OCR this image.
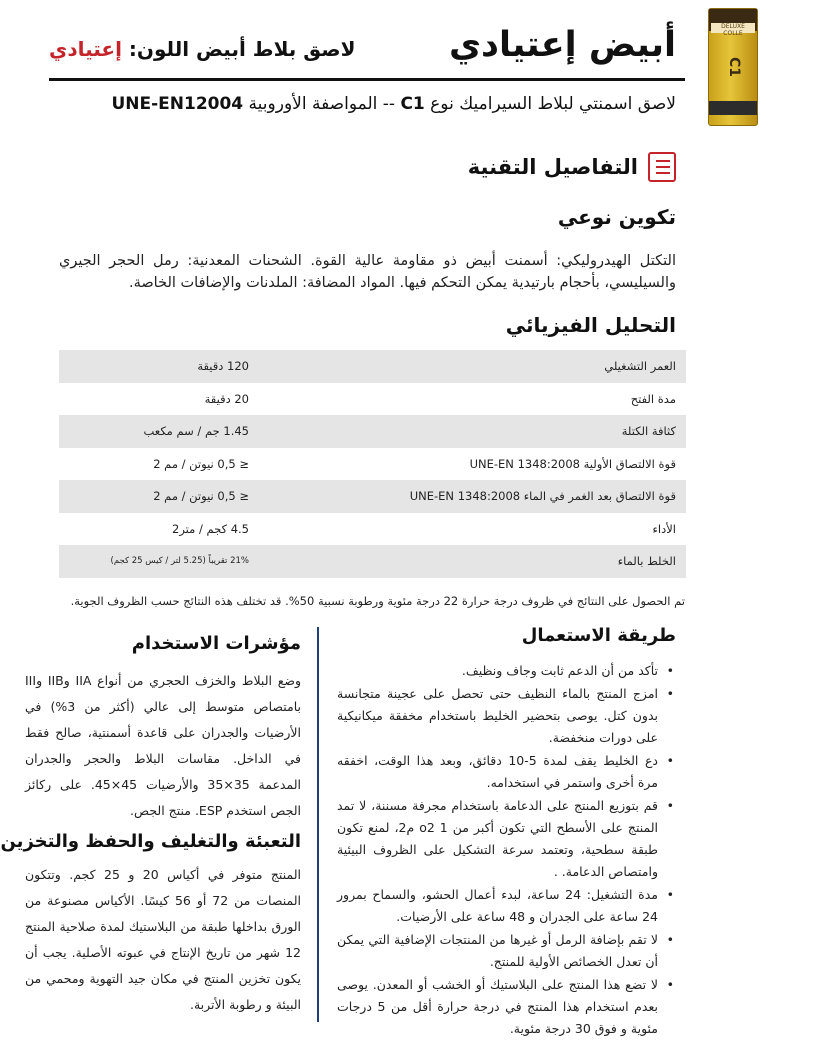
DELUXE COLLE
C1
أبيض إعتيادي
لاصق بلاط أبيض اللون: إعتيادي
لاصق اسمنتي لبلاط السيراميك نوع C1 -- المواصفة الأوروبية UNE-EN12004
التفاصيل التقنية
تكوين نوعي
التكتل الهيدروليكي: أسمنت أبيض ذو مقاومة عالية القوة. الشحنات المعدنية: رمل الحجر الجيري والسيليسي، بأحجام بارتيدية يمكن التحكم فيها. المواد المضافة: الملدنات والإضافات الخاصة.
التحليل الفيزيائي
العمر التشغيلي
120 دقيقة
مدة الفتح
20 دقيقة
كثافة الكتلة
1.45 جم / سم مكعب
قوة الالتصاق الأولية UNE-EN 1348:2008
≤ 0,5 نيوتن / مم 2
قوة الالتصاق بعد الغمر في الماء UNE-EN 1348:2008
≤ 0,5 نيوتن / مم 2
الأداء
4.5 كجم / متر2
الخلط بالماء
21% تقريباً (5.25 لتر / كيس 25 كجم)
تم الحصول على النتائج في ظروف درجة حرارة 22 درجة مئوية ورطوبة نسبية 50%. قد تختلف هذه النتائج حسب الظروف الجوية.
طريقة الاستعمال
• تأكد من أن الدعم ثابت وجاف ونظيف.
• امزج المنتج بالماء النظيف حتى تحصل على عجينة متجانسة بدون كتل. يوصى بتحضير الخليط باستخدام مخفقة ميكانيكية على دورات منخفضة.
• دع الخليط يقف لمدة 5-10 دقائق، وبعد هذا الوقت، اخفقه مرة أخرى واستمر في استخدامه.
• قم بتوزيع المنتج على الدعامة باستخدام مجرفة مسننة، لا تمد المنتج على الأسطح التي تكون أكبر من 1 o2 م2، لمنع تكون طبقة سطحية، وتعتمد سرعة التشكيل على الظروف البيئية وامتصاص الدعامة. .
• مدة التشغيل: 24 ساعة، لبدء أعمال الحشو، والسماح بمرور 24 ساعة على الجدران و 48 ساعة على الأرضيات.
• لا تقم بإضافة الرمل أو غيرها من المنتجات الإضافية التي يمكن أن تعدل الخصائص الأولية للمنتج.
• لا تضع هذا المنتج على البلاستيك أو الخشب أو المعدن. يوصى بعدم استخدام هذا المنتج في درجة حرارة أقل من 5 درجات مئوية و فوق 30 درجة مئوية.
مؤشرات الاستخدام
وضع البلاط والخزف الحجري من أنواع IIA وIIB وIII بامتصاص متوسط إلى عالي (أكثر من 3%) في الأرضيات والجدران على قاعدة أسمنتية، صالح فقط في الداخل. مقاسات البلاط والحجر والجدران المدعمة 35×35 والأرضيات 45×45. على ركائز الجص استخدم ESP. منتج الجص.
التعبئة والتغليف والحفظ والتخزين
المنتج متوفر في أكياس 20 و 25 كجم. وتتكون المنصات من 72 أو 56 كيسًا. الأكياس مصنوعة من الورق بداخلها طبقة من البلاستيك لمدة صلاحية المنتج 12 شهر من تاريخ الإنتاج في عبوته الأصلية. يجب أن يكون تخزين المنتج في مكان جيد التهوية ومحمي من البيئة و رطوبة الأتربة.
